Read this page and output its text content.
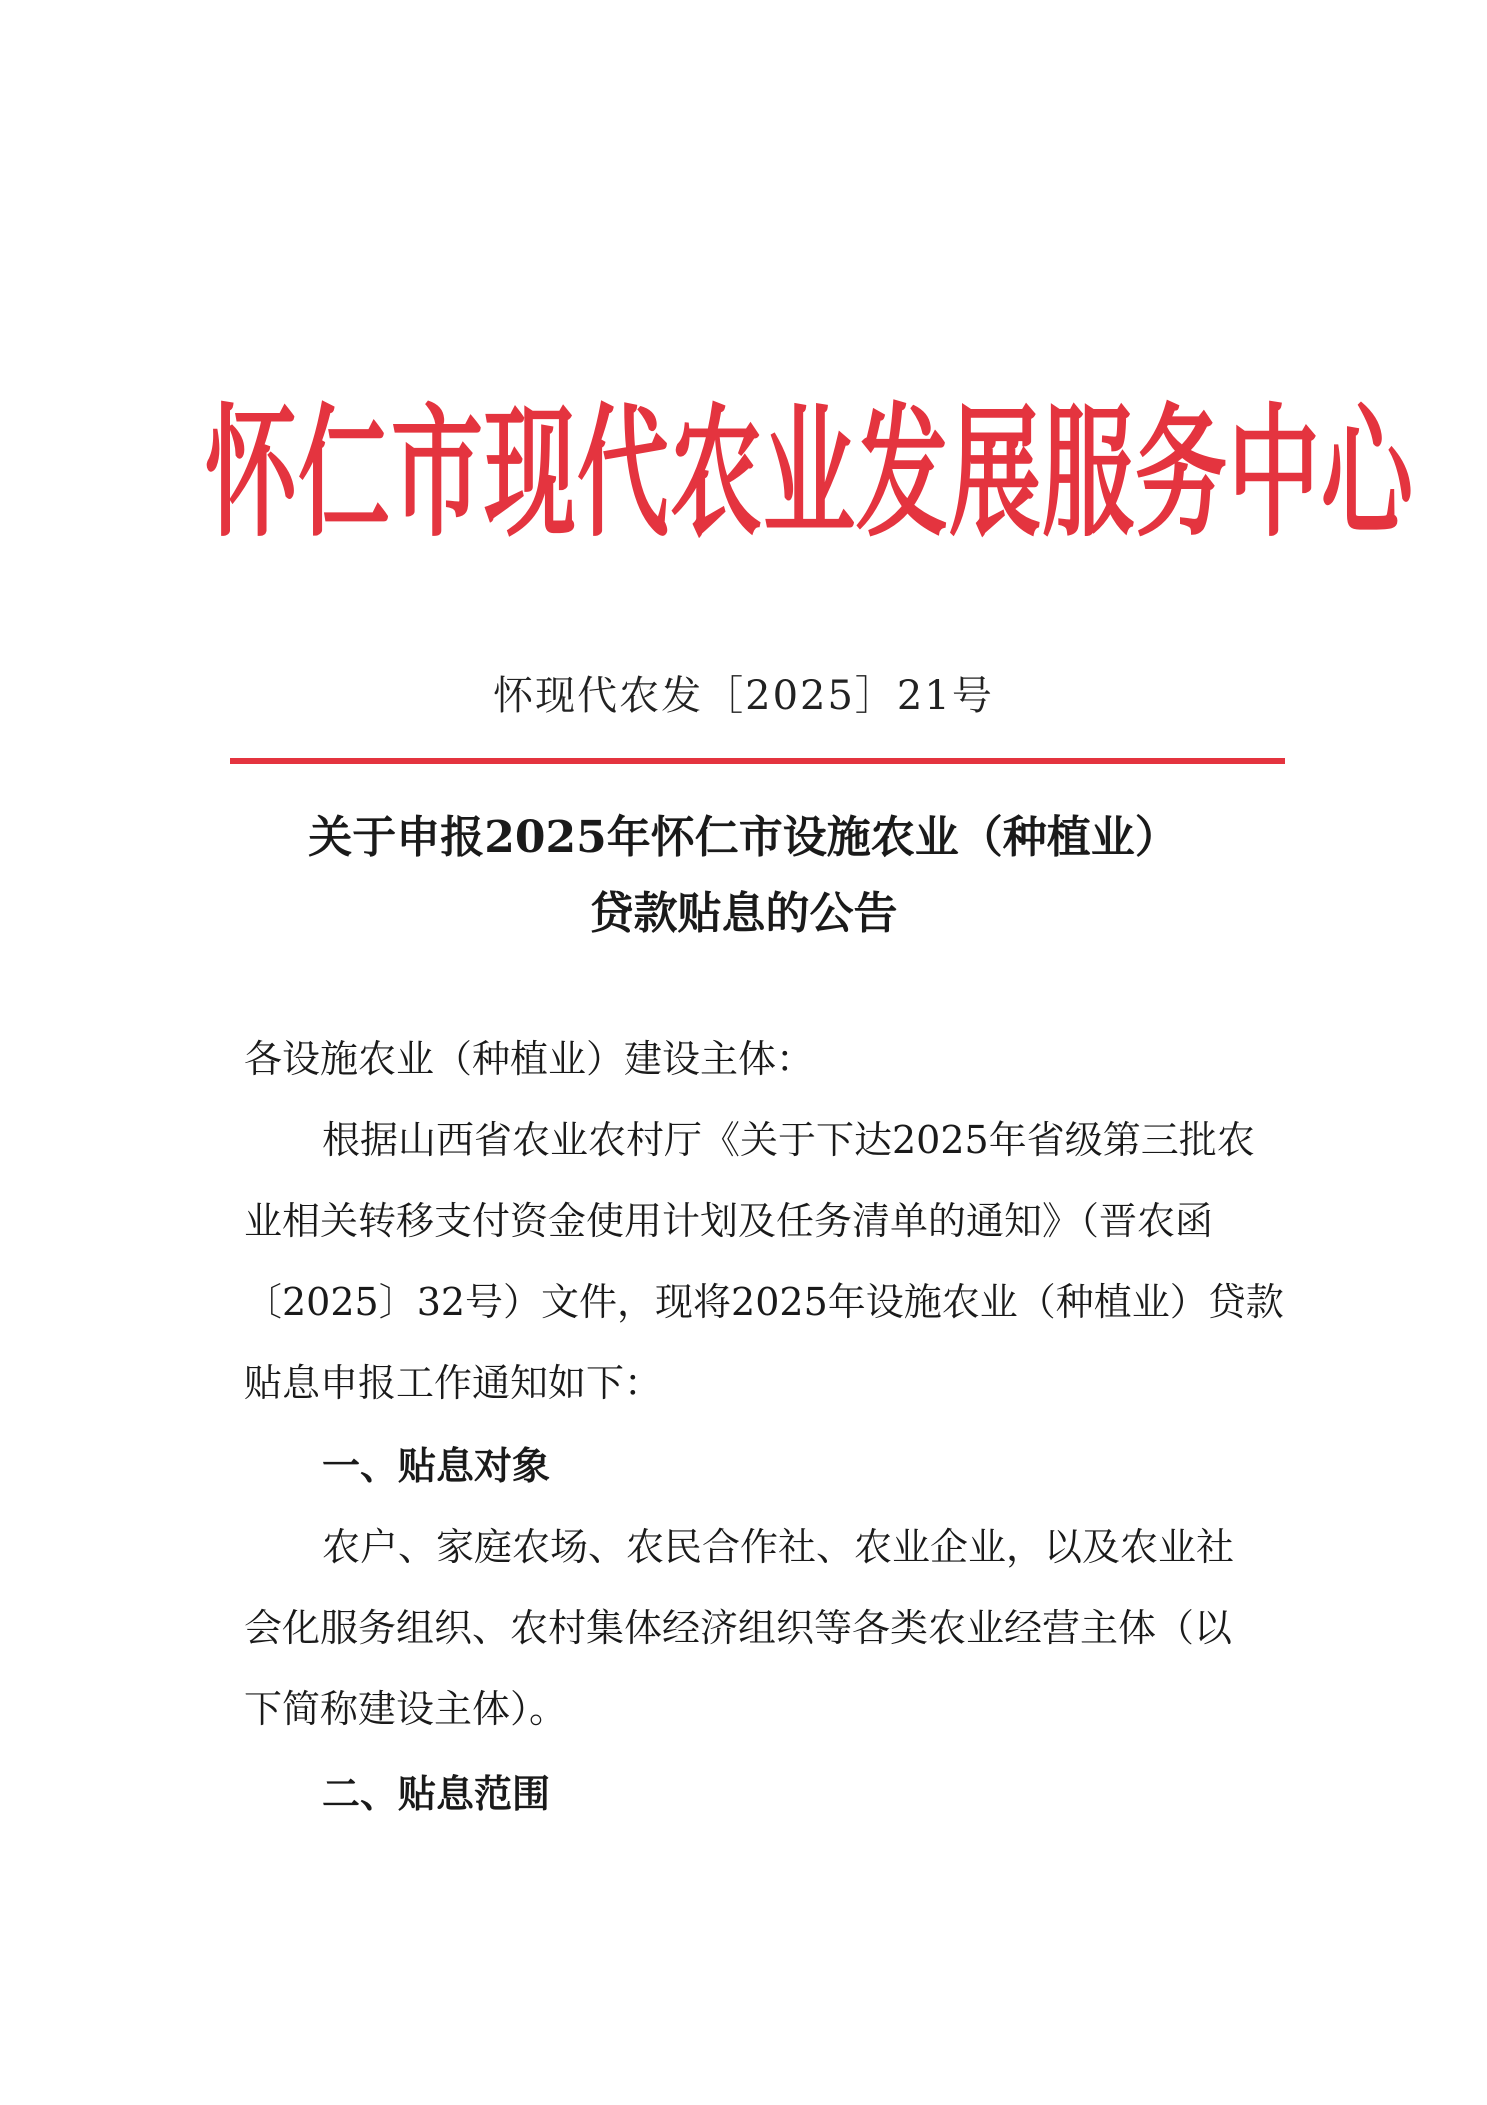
怀仁市现代农业发展服务中心
怀现代农发［2025］21号
关于申报2025年怀仁市设施农业（种植业）
贷款贴息的公告
各设施农业（种植业）建设主体：
根据山西省农业农村厅《关于下达2025年省级第三批农
业相关转移支付资金使用计划及任务清单的通知》（晋农函
〔2025〕32号）文件，现将2025年设施农业（种植业）贷款
贴息申报工作通知如下：
一、贴息对象
农户、家庭农场、农民合作社、农业企业，以及农业社
会化服务组织、农村集体经济组织等各类农业经营主体（以
下简称建设主体）。
二、贴息范围
